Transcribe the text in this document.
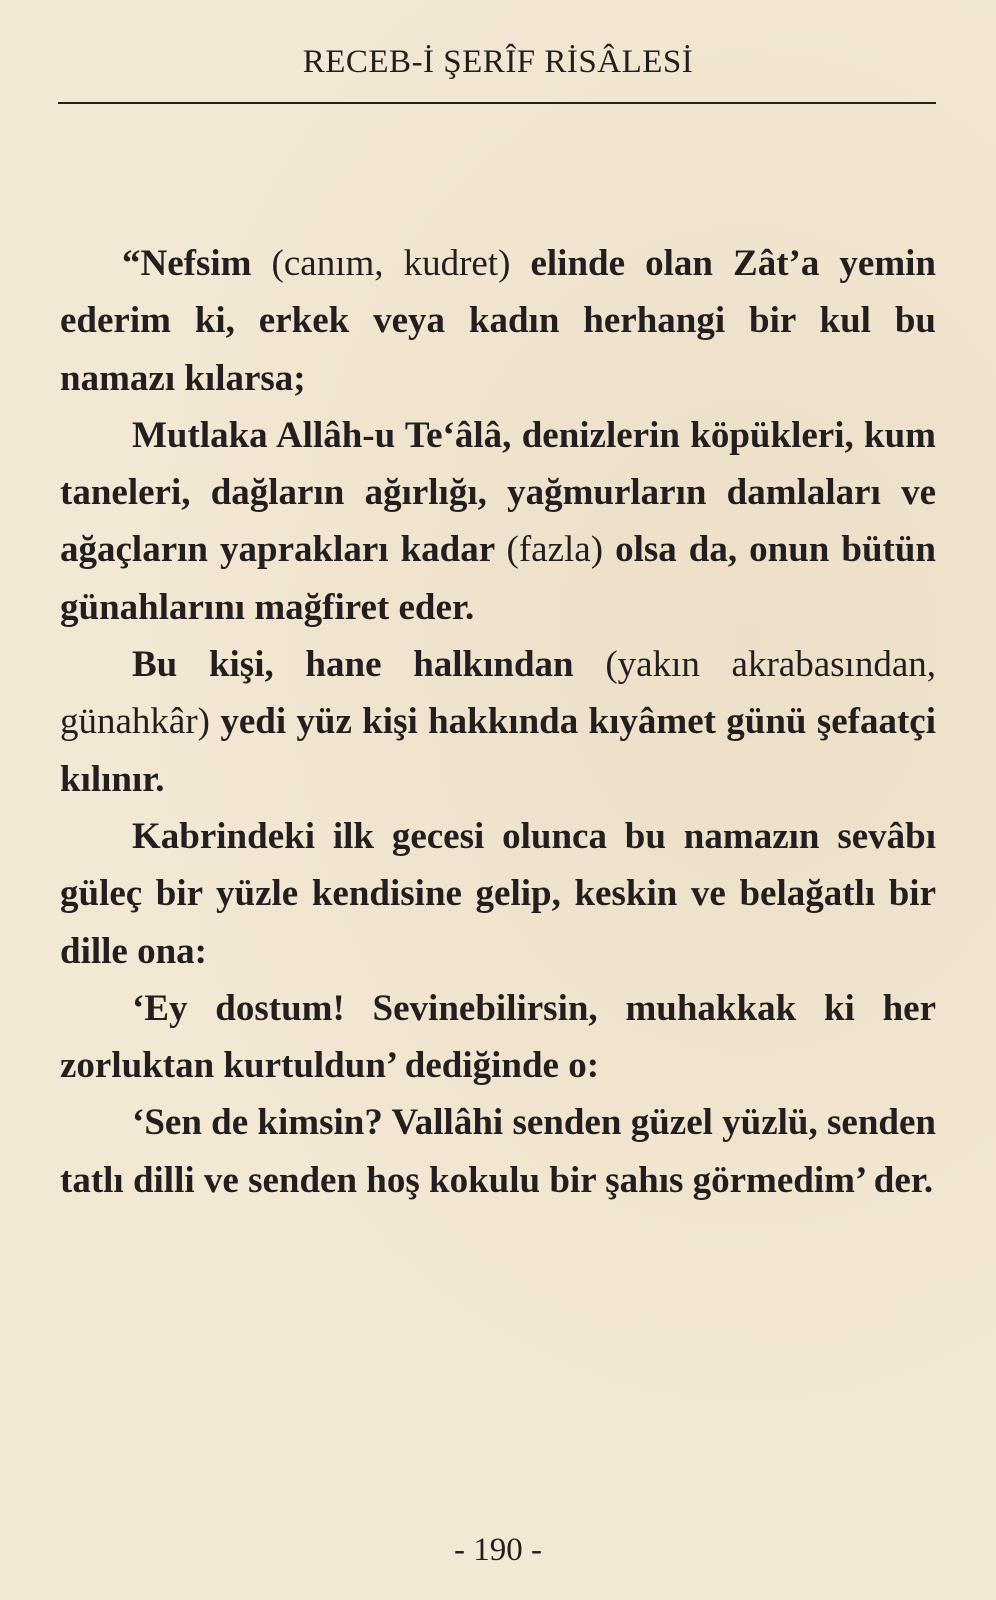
RECEB-İ ŞERÎF RİSÂLESİ

“Nefsim (canım, kudret) elinde olan Zât’a yemin ederim ki, erkek veya kadın herhangi bir kul bu namazı kılarsa;

Mutlaka Allâh-u Te‘âlâ, denizlerin köpükleri, kum taneleri, dağların ağırlığı, yağmurların damlaları ve ağaçların yaprakları kadar (fazla) olsa da, onun bütün günahlarını mağfiret eder.

Bu kişi, hane halkından (yakın akrabasından, günahkâr) yedi yüz kişi hakkında kıyâmet günü şefaatçi kılınır.

Kabrindeki ilk gecesi olunca bu namazın sevâbı güleç bir yüzle kendisine gelip, keskin ve belağatlı bir dille ona:

‘Ey dostum! Sevinebilirsin, muhakkak ki her zorluktan kurtuldun’ dediğinde o:

‘Sen de kimsin? Vallâhi senden güzel yüzlü, senden tatlı dilli ve senden hoş kokulu bir şahıs görmedim’ der.

- 190 -
